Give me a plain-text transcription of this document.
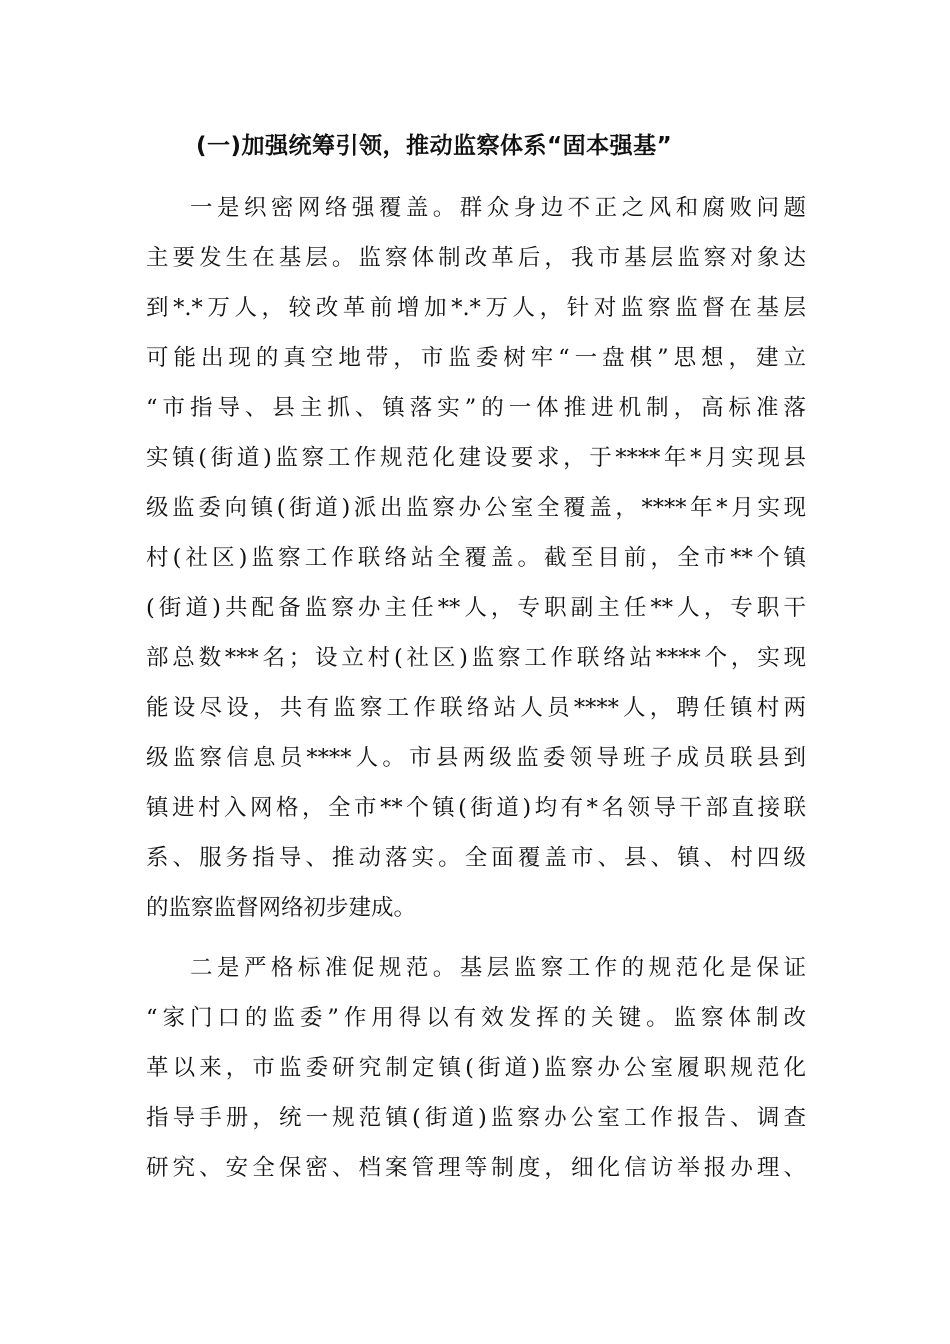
(一)加强统筹引领，推动监察体系“固本强基”
一是织密网络强覆盖。群众身边不正之风和腐败问题
主要发生在基层。监察体制改革后，我市基层监察对象达
到*.*万人，较改革前增加*.*万人，针对监察监督在基层
可能出现的真空地带，市监委树牢“一盘棋”思想，建立
“市指导、县主抓、镇落实”的一体推进机制，高标准落
实镇(街道)监察工作规范化建设要求，于****年*月实现县
级监委向镇(街道)派出监察办公室全覆盖，****年*月实现
村(社区)监察工作联络站全覆盖。截至目前，全市**个镇
(街道)共配备监察办主任**人，专职副主任**人，专职干
部总数***名；设立村(社区)监察工作联络站****个，实现
能设尽设，共有监察工作联络站人员****人，聘任镇村两
级监察信息员****人。市县两级监委领导班子成员联县到
镇进村入网格，全市**个镇(街道)均有*名领导干部直接联
系、服务指导、推动落实。全面覆盖市、县、镇、村四级
的监察监督网络初步建成。
二是严格标准促规范。基层监察工作的规范化是保证
“家门口的监委”作用得以有效发挥的关键。监察体制改
革以来，市监委研究制定镇(街道)监察办公室履职规范化
指导手册，统一规范镇(街道)监察办公室工作报告、调查
研究、安全保密、档案管理等制度，细化信访举报办理、
